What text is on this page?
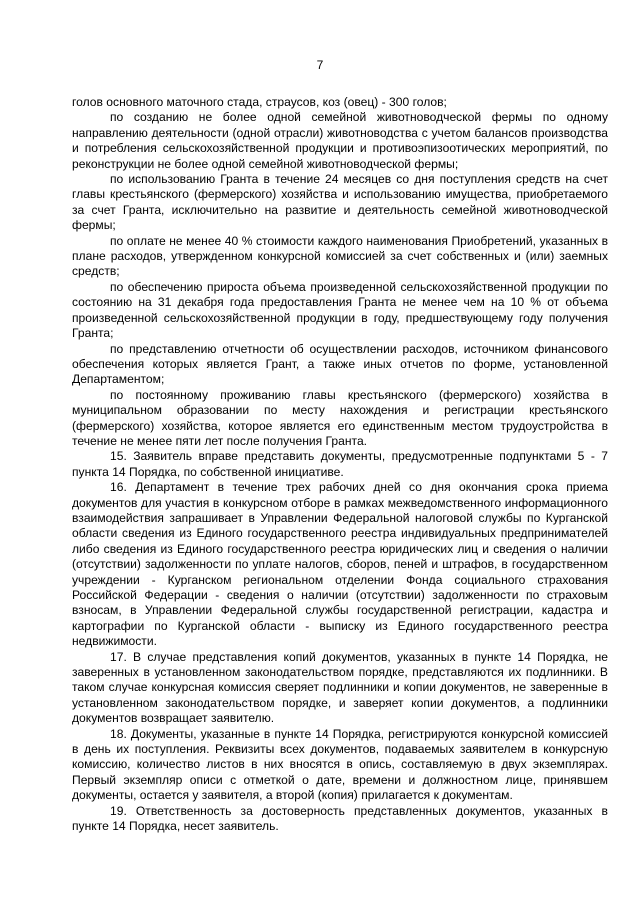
7

голов основного маточного стада, страусов, коз (овец) - 300 голов;

по созданию не более одной семейной животноводческой фермы по одному направлению деятельности (одной отрасли) животноводства с учетом балансов производства и потребления сельскохозяйственной продукции и противоэпизоотических мероприятий, по реконструкции не более одной семейной животноводческой фермы;

по использованию Гранта в течение 24 месяцев со дня поступления средств на счет главы крестьянского (фермерского) хозяйства и использованию имущества, приобретаемого за счет Гранта, исключительно на развитие и деятельность семейной животноводческой фермы;

по оплате не менее 40 % стоимости каждого наименования Приобретений, указанных в плане расходов, утвержденном конкурсной комиссией за счет собственных и (или) заемных средств;

по обеспечению прироста объема произведенной сельскохозяйственной продукции по состоянию на 31 декабря года предоставления Гранта не менее чем на 10 % от объема произведенной сельскохозяйственной продукции в году, предшествующему году получения Гранта;

по представлению отчетности об осуществлении расходов, источником финансового обеспечения которых является Грант, а также иных отчетов по форме, установленной Департаментом;

по постоянному проживанию главы крестьянского (фермерского) хозяйства в муниципальном образовании по месту нахождения и регистрации крестьянского (фермерского) хозяйства, которое является его единственным местом трудоустройства в течение не менее пяти лет после получения Гранта.

15. Заявитель вправе представить документы, предусмотренные подпунктами 5 - 7 пункта 14 Порядка, по собственной инициативе.

16. Департамент в течение трех рабочих дней со дня окончания срока приема документов для участия в конкурсном отборе в рамках межведомственного информационного взаимодействия запрашивает в Управлении Федеральной налоговой службы по Курганской области сведения из Единого государственного реестра индивидуальных предпринимателей либо сведения из Единого государственного реестра юридических лиц и сведения о наличии (отсутствии) задолженности по уплате налогов, сборов, пеней и штрафов, в государственном учреждении - Курганском региональном отделении Фонда социального страхования Российской Федерации - сведения о наличии (отсутствии) задолженности по страховым взносам, в Управлении Федеральной службы государственной регистрации, кадастра и картографии по Курганской области - выписку из Единого государственного реестра недвижимости.

17. В случае представления копий документов, указанных в пункте 14 Порядка, не заверенных в установленном законодательством порядке, представляются их подлинники. В таком случае конкурсная комиссия сверяет подлинники и копии документов, не заверенные в установленном законодательством порядке, и заверяет копии документов, а подлинники документов возвращает заявителю.

18. Документы, указанные в пункте 14 Порядка, регистрируются конкурсной комиссией в день их поступления. Реквизиты всех документов, подаваемых заявителем в конкурсную комиссию, количество листов в них вносятся в опись, составляемую в двух экземплярах. Первый экземпляр описи с отметкой о дате, времени и должностном лице, принявшем документы, остается у заявителя, а второй (копия) прилагается к документам.

19. Ответственность за достоверность представленных документов, указанных в пункте 14 Порядка, несет заявитель.
